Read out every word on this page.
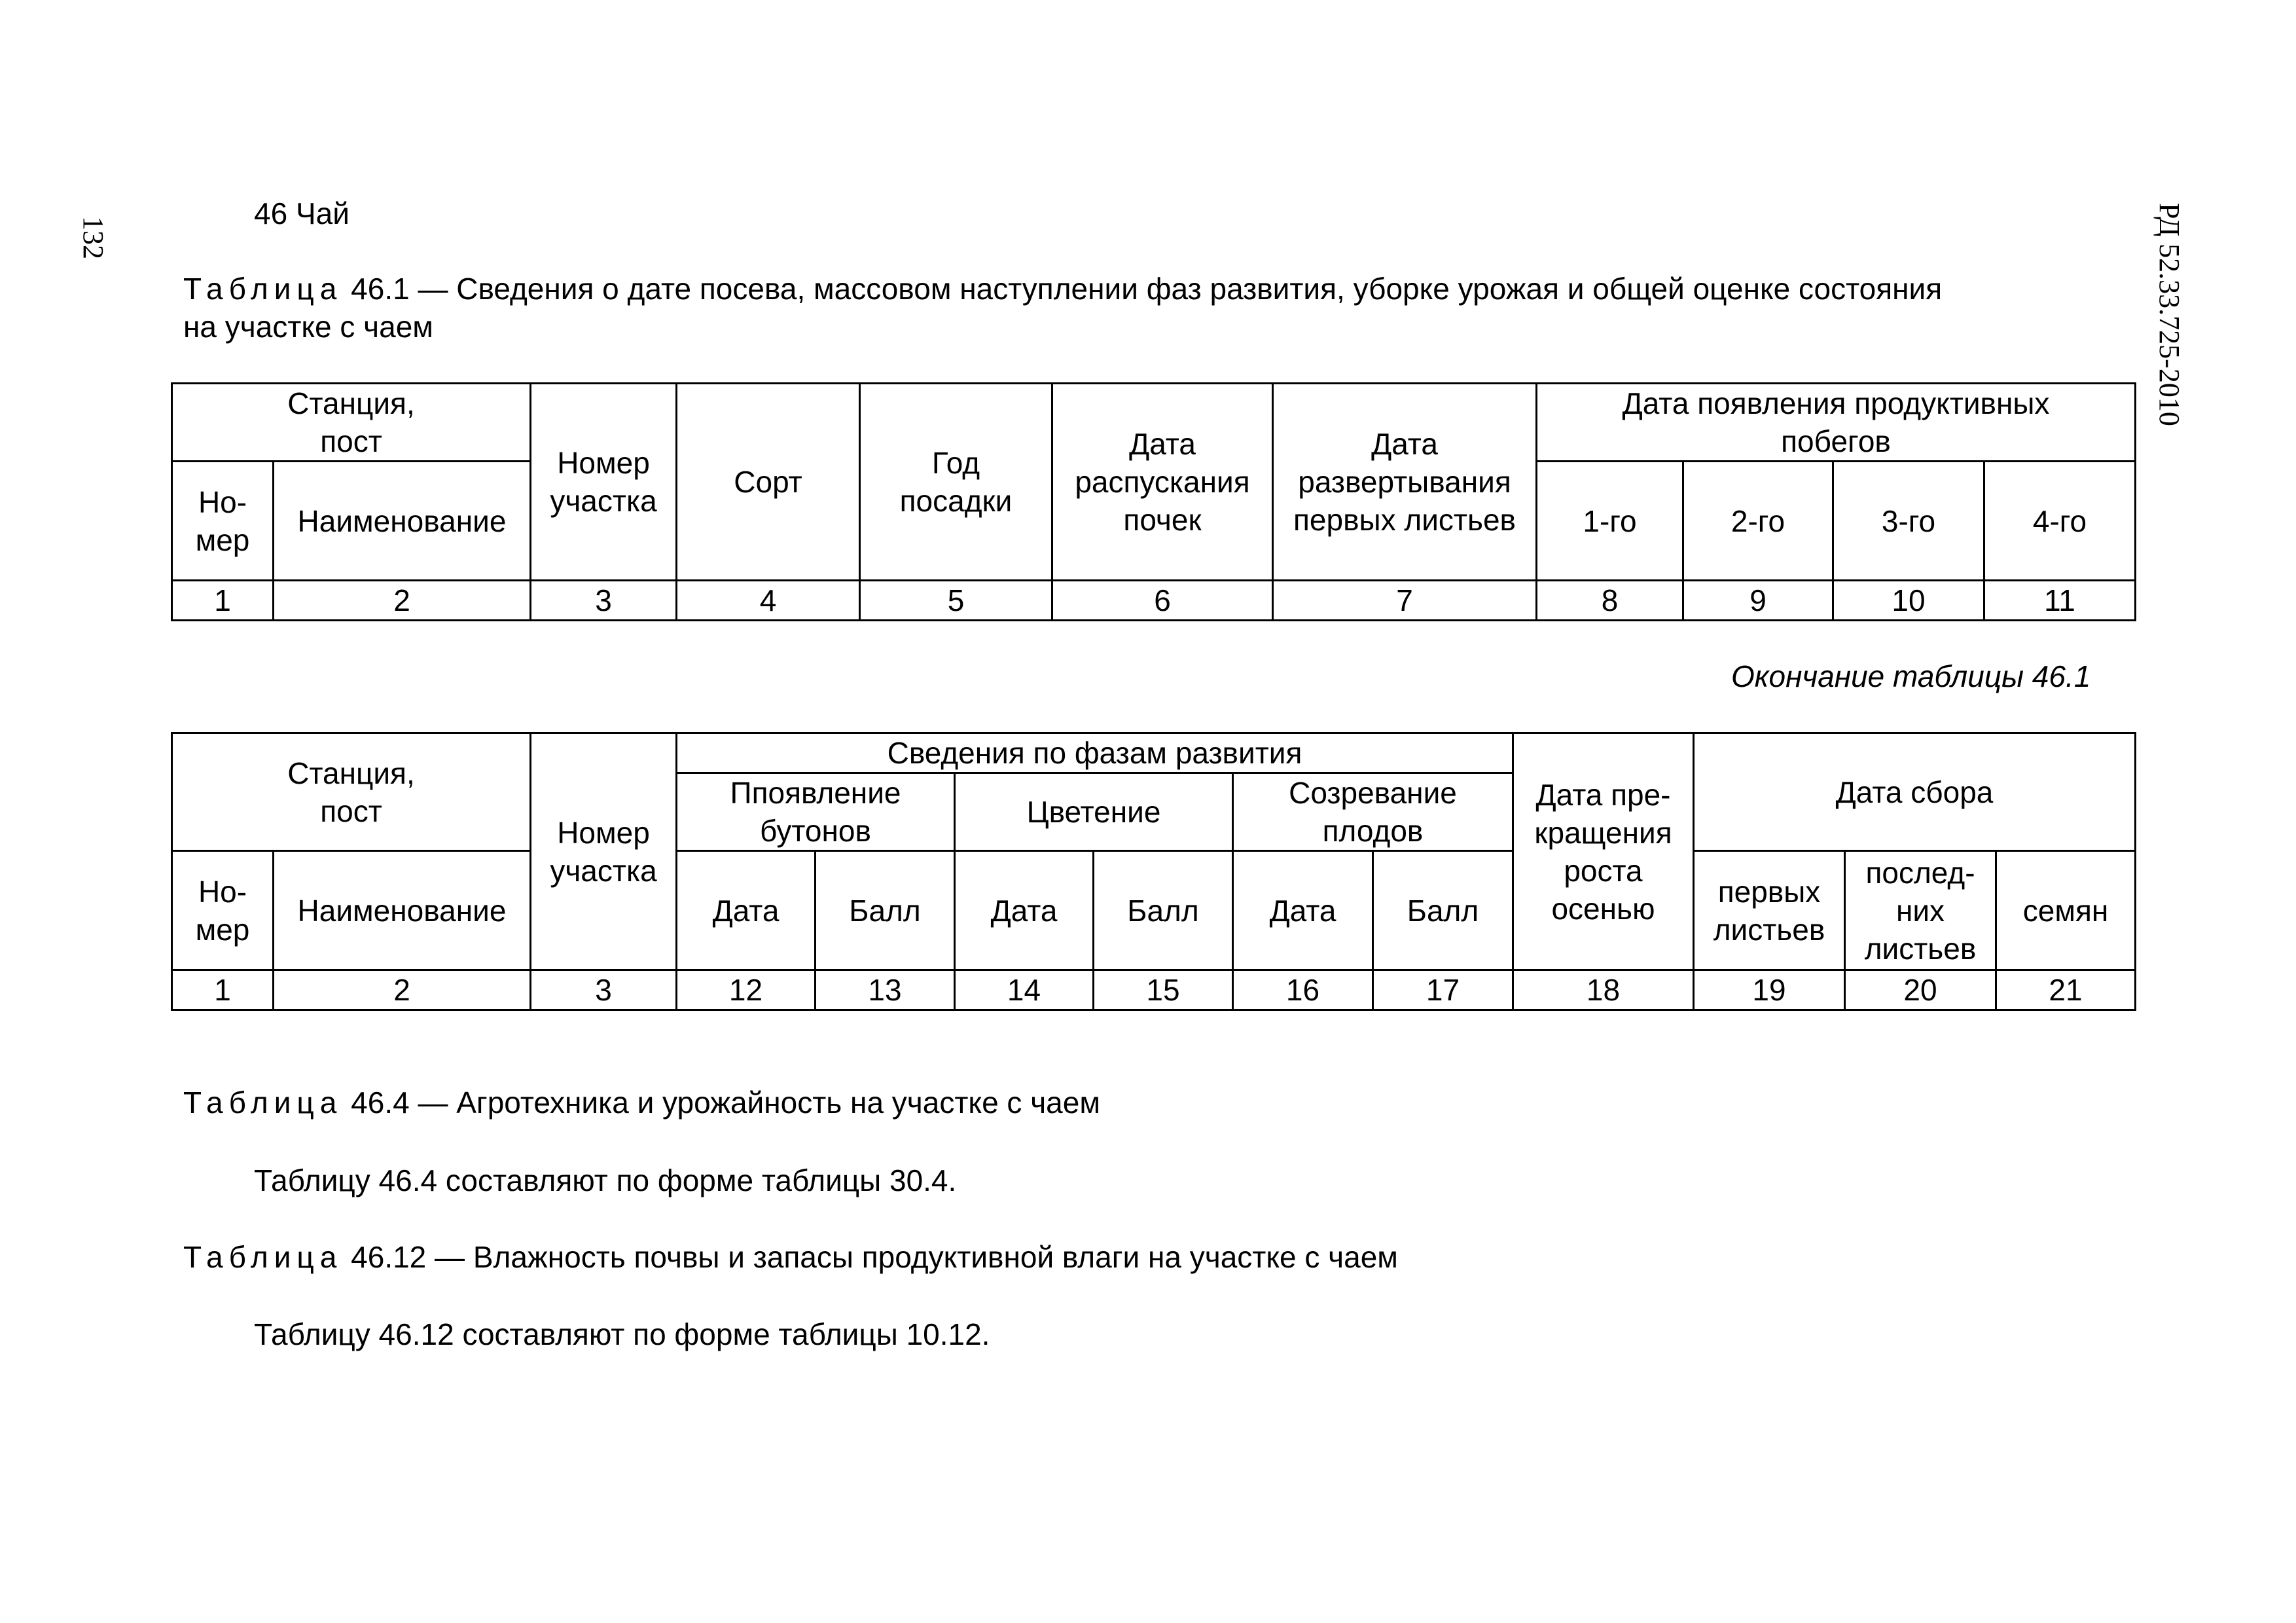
132	РД 52.33.725-2010
46 Чай
Таблица 46.1 — Сведения о дате посева, массовом наступлении фаз развития, уборке урожая и общей оценке состояния
на участке с чаем
Станция, пост		Номер участка	Сорт	Год посадки	Дата распускания почек	Дата развертывания первых листьев	Дата появления продуктивных побегов			

Но-мер	Наименование						1-го	2-го	3-го	4-го
1	2	3	4	5	6	7	8	9	10	11
Окончание таблицы 46.1
Станция, пост		Номер участка	Сведения по фазам развития						Дата пре-кращения роста осенью	Дата сбора		

			Ппоявление бутонов		Цветение		Созревание плодов					

Но-мер	Наименование		Дата	Балл	Дата	Балл	Дата	Балл		первых листьев	послед-них листьев	семян
1	2	3	12	13	14	15	16	17	18	19	20	21
Таблица 46.4 — Агротехника и урожайность на участке с чаем
Таблицу 46.4 составляют по форме таблицы 30.4.
Таблица 46.12 — Влажность почвы и запасы продуктивной влаги на участке с чаем
Таблицу 46.12 составляют по форме таблицы 10.12.
